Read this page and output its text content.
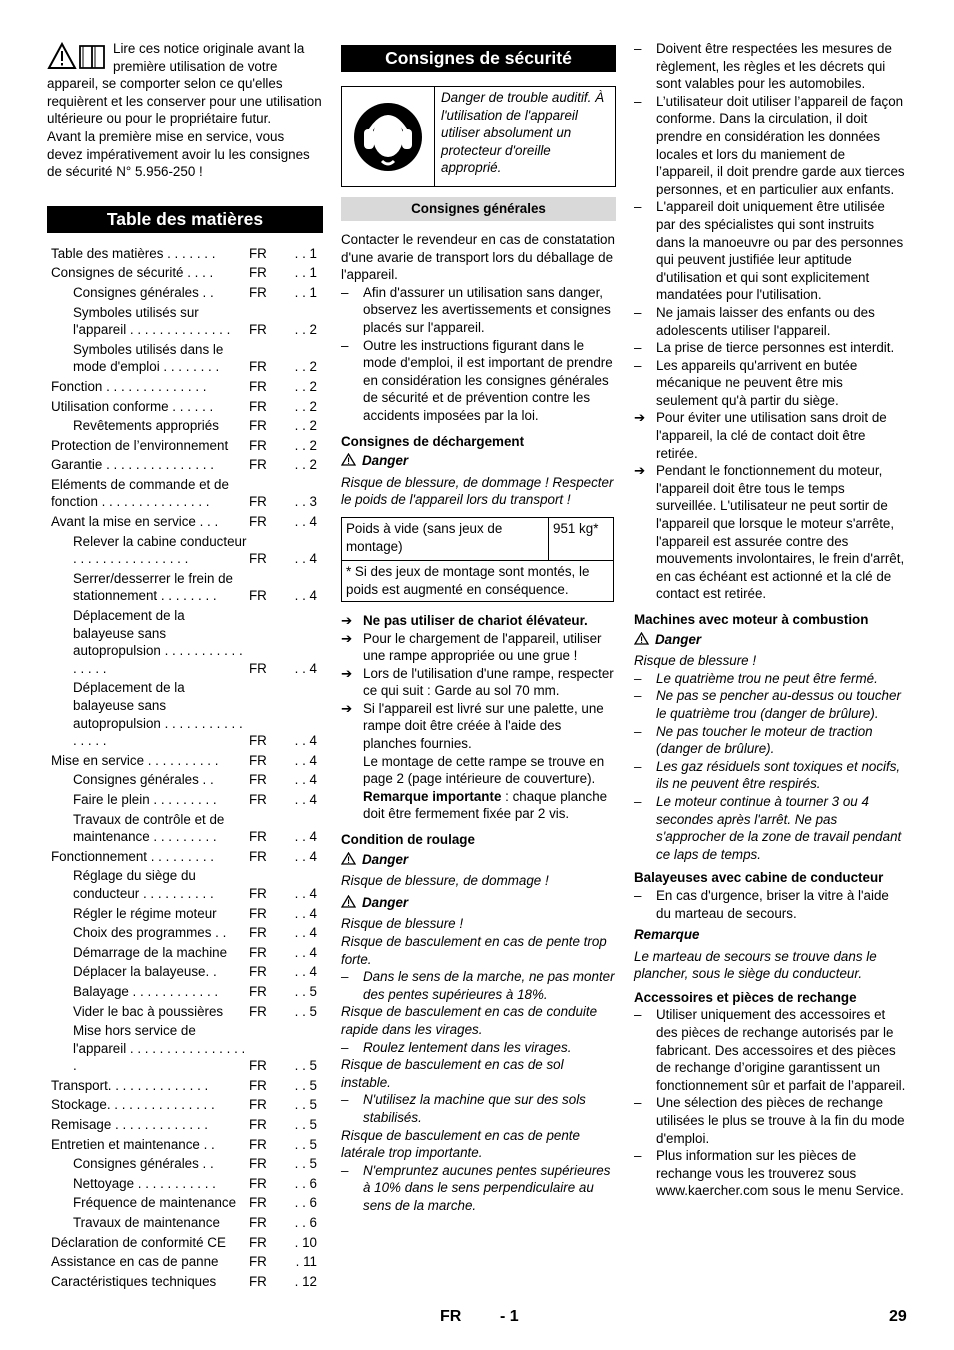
Lire ces notice originale avant la première utilisation de votre appareil, se comporter selon ce qu'elles requièrent et les conserver pour une utilisation ultérieure ou pour le propriétaire futur.

Avant la première mise en service, vous devez impérativement avoir lu les consignes de sécurité N° 5.956-250 !

Table des matières
Table des matières . . . . . . .	FR	. . 1
Consignes de sécurité . . . .	FR	. . 1
Consignes générales . .	FR	. . 1
Symboles utilisés sur l'appareil . . . . . . . . . . . . . .	FR	. . 2
Symboles utilisés dans le mode d'emploi . . . . . . . .	FR	. . 2
Fonction . . . . . . . . . . . . . .	FR	. . 2
Utilisation conforme . . . . . .	FR	. . 2
Revêtements appropriés	FR	. . 2
Protection de l’environnement	FR	. . 2
Garantie . . . . . . . . . . . . . . .	FR	. . 2
Eléments de commande et de fonction . . . . . . . . . . . . . . .	FR	. . 3
Avant la mise en service . . .	FR	. . 4
Relever la cabine conducteur . . . . . . . . . . . . . . . .	FR	. . 4
Serrer/desserrer le frein de stationnement . . . . . . . .	FR	. . 4
Déplacement de la balayeuse sans autopropulsion . . . . . . . . . . . . . . . .	FR	. . 4
Déplacement de la balayeuse sans autopropulsion . . . . . . . . . . . . . . . .	FR	. . 4
Mise en service . . . . . . . . . .	FR	. . 4
Consignes générales . .	FR	. . 4
Faire le plein . . . . . . . . .	FR	. . 4
Travaux de contrôle et de maintenance . . . . . . . . .	FR	. . 4
Fonctionnement . . . . . . . . .	FR	. . 4
Réglage du siège du conducteur . . . . . . . . . .	FR	. . 4
Régler le régime moteur	FR	. . 4
Choix des programmes . .	FR	. . 4
Démarrage de la machine	FR	. . 4
Déplacer la balayeuse. .	FR	. . 4
Balayage . . . . . . . . . . . .	FR	. . 5
Vider le bac à poussières	FR	. . 5
Mise hors service de l'appareil . . . . . . . . . . . . . . . . .	FR	. . 5
Transport. . . . . . . . . . . . . .	FR	. . 5
Stockage. . . . . . . . . . . . . . .	FR	. . 5
Remisage . . . . . . . . . . . . .	FR	. . 5
Entretien et maintenance . .	FR	. . 5
Consignes générales . .	FR	. . 5
Nettoyage . . . . . . . . . . .	FR	. . 6
Fréquence de maintenance FR	. . 6
Travaux de maintenance	FR	. . 6
Déclaration de conformité CE	FR	. 10
Assistance en cas de panne	FR	. 11
Caractéristiques techniques	FR	. 12
Consignes de sécurité
Danger de trouble auditif. À l'utilisation de l'appareil utiliser absolument un protecteur d'oreille approprié.
Consignes générales

Contacter le revendeur en cas de constatation d'une avarie de transport lors du déballage de l'appareil.

– Afin d'assurer un utilisation sans danger, observez les avertissements et consignes placés sur l'appareil.
– Outre les instructions figurant dans le mode d'emploi, il est important de prendre en considération les consignes générales de sécurité et de prévention contre les accidents imposées par la loi.

Consignes de déchargement

Danger

Risque de blessure, de dommage ! Respecter le poids de l'appareil lors du transport !

Poids à vide (sans jeux de montage)	951 kg*
* Si des jeux de montage sont montés, le poids est augmenté en conséquence.
➔ Ne pas utiliser de chariot élévateur.
➔ Pour le chargement de l'appareil, utiliser une rampe appropriée ou une grue !
➔ Lors de l'utilisation d'une rampe, respecter ce qui suit : Garde au sol 70 mm.
➔ Si l'appareil est livré sur une palette, une rampe doit être créée à l'aide des planches fournies.

Le montage de cette rampe se trouve en page 2 (page intérieure de couverture).

Remarque importante : chaque planche doit être fermement fixée par 2 vis.

Condition de roulage

Danger

Risque de blessure, de dommage !

Danger

Risque de blessure !

Risque de basculement en cas de pente trop forte.

– Dans le sens de la marche, ne pas monter des pentes supérieures à 18%.

Risque de basculement en cas de conduite rapide dans les virages.

– Roulez lentement dans les virages.

Risque de basculement en cas de sol instable.

– N'utilisez la machine que sur des sols stabilisés.

Risque de basculement en cas de pente latérale trop importante.

– N'empruntez aucunes pentes supérieures à 10% dans le sens perpendiculaire au sens de la marche.
– Doivent être respectées les mesures de règlement, les règles et les décrets qui sont valables pour les automobiles.
– L’utilisateur doit utiliser l’appareil de façon conforme. Dans la circulation, il doit prendre en considération les données locales et lors du maniement de l’appareil, il doit prendre garde aux tierces personnes, et en particulier aux enfants.
– L'appareil doit uniquement être utilisée par des spécialistes qui sont instruits dans la manoeuvre ou par des personnes qui peuvent justifiée leur aptitude d'utilisation et qui sont explicitement mandatées pour l'utilisation.
– Ne jamais laisser des enfants ou des adolescents utiliser l'appareil.
– La prise de tierce personnes est interdit.
– Les appareils qu'arrivent en butée mécanique ne peuvent être mis seulement qu'à partir du siège.
➔ Pour éviter une utilisation sans droit de l'appareil, la clé de contact doit être retirée.
➔ Pendant le fonctionnement du moteur, l'appareil doit être tous le temps surveillée. L'utilisateur ne peut sortir de l'appareil que lorsque le moteur s'arrête, l'appareil est assurée contre des mouvements involontaires, le frein d'arrêt, en cas échéant est actionné et la clé de contact est retirée.

Machines avec moteur à combustion

Danger

Risque de blessure !

– Le quatrième trou ne peut être fermé.
– Ne pas se pencher au-dessus ou toucher le quatrième trou (danger de brûlure).
– Ne pas toucher le moteur de traction (danger de brûlure).
– Les gaz résiduels sont toxiques et nocifs, ils ne peuvent être respirés.
– Le moteur continue à tourner 3 ou 4 secondes après l'arrêt. Ne pas s'approcher de la zone de travail pendant ce laps de temps.

Balayeuses avec cabine de conducteur

– En cas d'urgence, briser la vitre à l'aide du marteau de secours.

Remarque

Le marteau de secours se trouve dans le plancher, sous le siège du conducteur.

Accessoires et pièces de rechange

– Utiliser uniquement des accessoires et des pièces de rechange autorisés par le fabricant. Des accessoires et des pièces de rechange d’origine garantissent un fonctionnement sûr et parfait de l’appareil.
– Une sélection des pièces de rechange utilisées le plus se trouve à la fin du mode d'emploi.
– Plus information sur les pièces de rechange vous les trouverez sous www.kaercher.com sous le menu Service.
FR - 1	29
